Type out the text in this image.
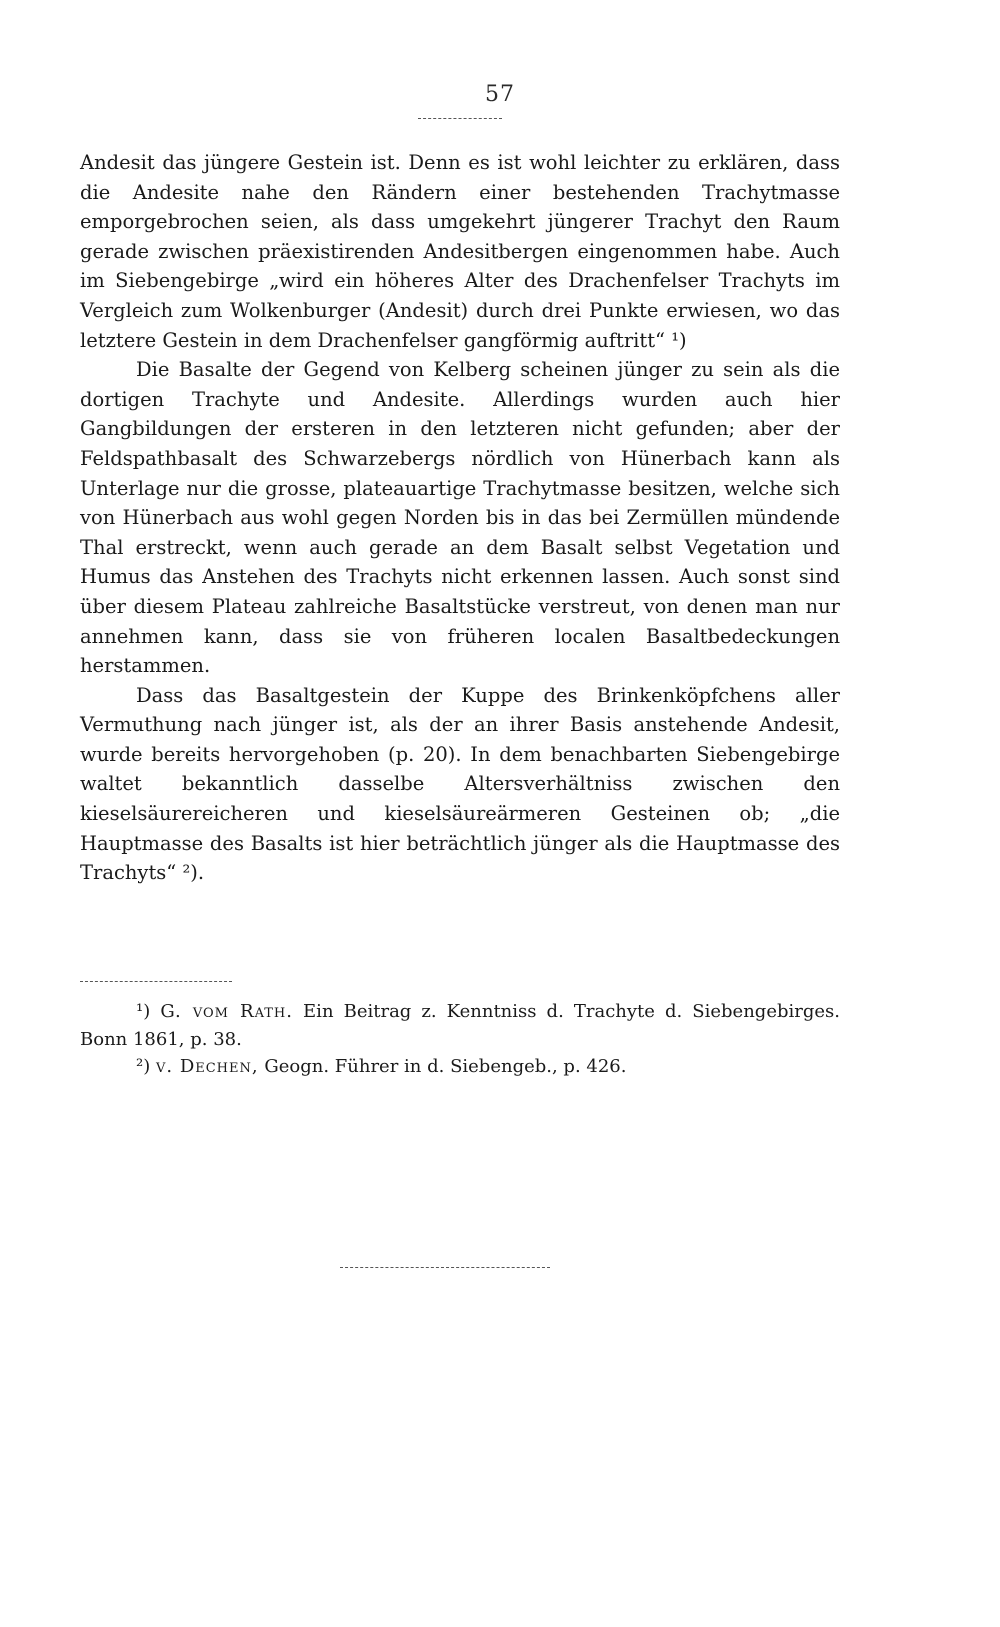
57

Andesit das jüngere Gestein ist. Denn es ist wohl leichter zu erklären, dass die Andesite nahe den Rändern einer bestehenden Trachytmasse emporgebrochen seien, als dass umgekehrt jüngerer Trachyt den Raum gerade zwischen präexistirenden Andesitbergen eingenommen habe. Auch im Siebengebirge „wird ein höheres Alter des Drachenfelser Trachyts im Vergleich zum Wolkenburger (Andesit) durch drei Punkte erwiesen, wo das letztere Gestein in dem Drachenfelser gangförmig auftritt“ ¹)

Die Basalte der Gegend von Kelberg scheinen jünger zu sein als die dortigen Trachyte und Andesite. Allerdings wurden auch hier Gangbildungen der ersteren in den letzteren nicht gefunden; aber der Feldspathbasalt des Schwarzebergs nördlich von Hünerbach kann als Unterlage nur die grosse, plateauartige Trachytmasse besitzen, welche sich von Hünerbach aus wohl gegen Norden bis in das bei Zermüllen mündende Thal erstreckt, wenn auch gerade an dem Basalt selbst Vegetation und Humus das Anstehen des Trachyts nicht erkennen lassen. Auch sonst sind über diesem Plateau zahlreiche Basaltstücke verstreut, von denen man nur annehmen kann, dass sie von früheren localen Basaltbedeckungen herstammen.

Dass das Basaltgestein der Kuppe des Brinkenköpfchens aller Vermuthung nach jünger ist, als der an ihrer Basis anstehende Andesit, wurde bereits hervorgehoben (p. 20). In dem benachbarten Siebengebirge waltet bekanntlich dasselbe Altersverhältniss zwischen den kieselsäurereicheren und kieselsäureärmeren Gesteinen ob; „die Hauptmasse des Basalts ist hier beträchtlich jünger als die Hauptmasse des Trachyts“ ²).

¹) G. vom Rath. Ein Beitrag z. Kenntniss d. Trachyte d. Siebengebirges. Bonn 1861, p. 38.

²) v. Dechen, Geogn. Führer in d. Siebengeb., p. 426.
